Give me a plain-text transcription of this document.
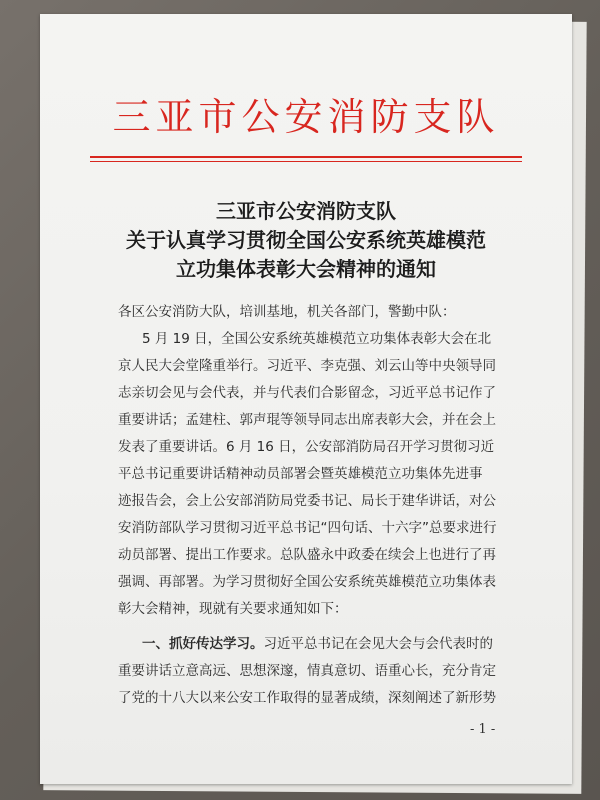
三亚市公安消防支队
三亚市公安消防支队
关于认真学习贯彻全国公安系统英雄模范
立功集体表彰大会精神的通知
各区公安消防大队，培训基地，机关各部门，警勤中队：
5 月 19 日，全国公安系统英雄模范立功集体表彰大会在北
京人民大会堂隆重举行。习近平、李克强、刘云山等中央领导同
志亲切会见与会代表，并与代表们合影留念，习近平总书记作了
重要讲话；孟建柱、郭声琨等领导同志出席表彰大会，并在会上
发表了重要讲话。6 月 16 日，公安部消防局召开学习贯彻习近
平总书记重要讲话精神动员部署会暨英雄模范立功集体先进事
迹报告会，会上公安部消防局党委书记、局长于建华讲话，对公
安消防部队学习贯彻习近平总书记“四句话、十六字”总要求进行
动员部署、提出工作要求。总队盛永中政委在续会上也进行了再
强调、再部署。为学习贯彻好全国公安系统英雄模范立功集体表
彰大会精神，现就有关要求通知如下：
一、抓好传达学习。习近平总书记在会见大会与会代表时的
重要讲话立意高远、思想深邃，情真意切、语重心长，充分肯定
了党的十八大以来公安工作取得的显著成绩，深刻阐述了新形势
- 1 -
